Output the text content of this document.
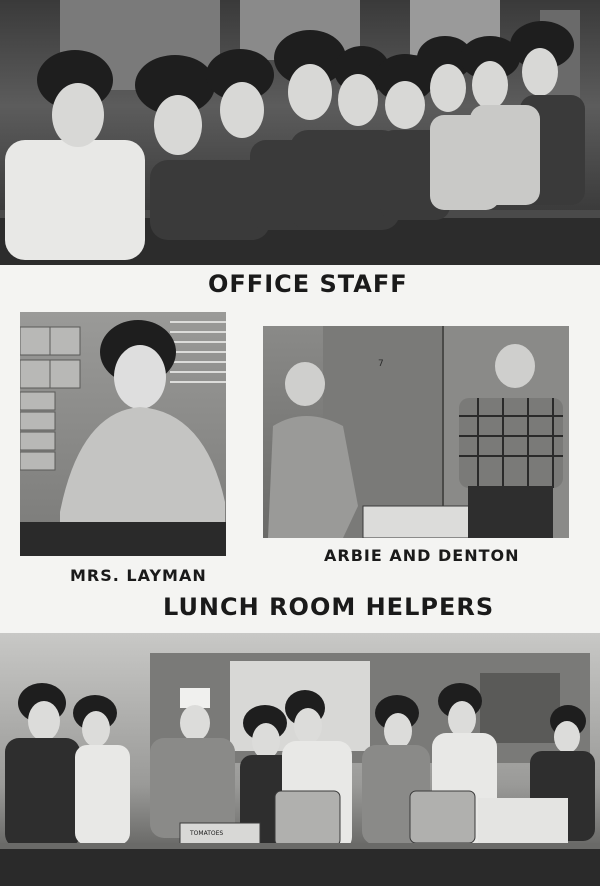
OFFICE STAFF
MRS. LAYMAN
7
ARBIE AND DENTON
LUNCH ROOM HELPERS
TOMATOES
